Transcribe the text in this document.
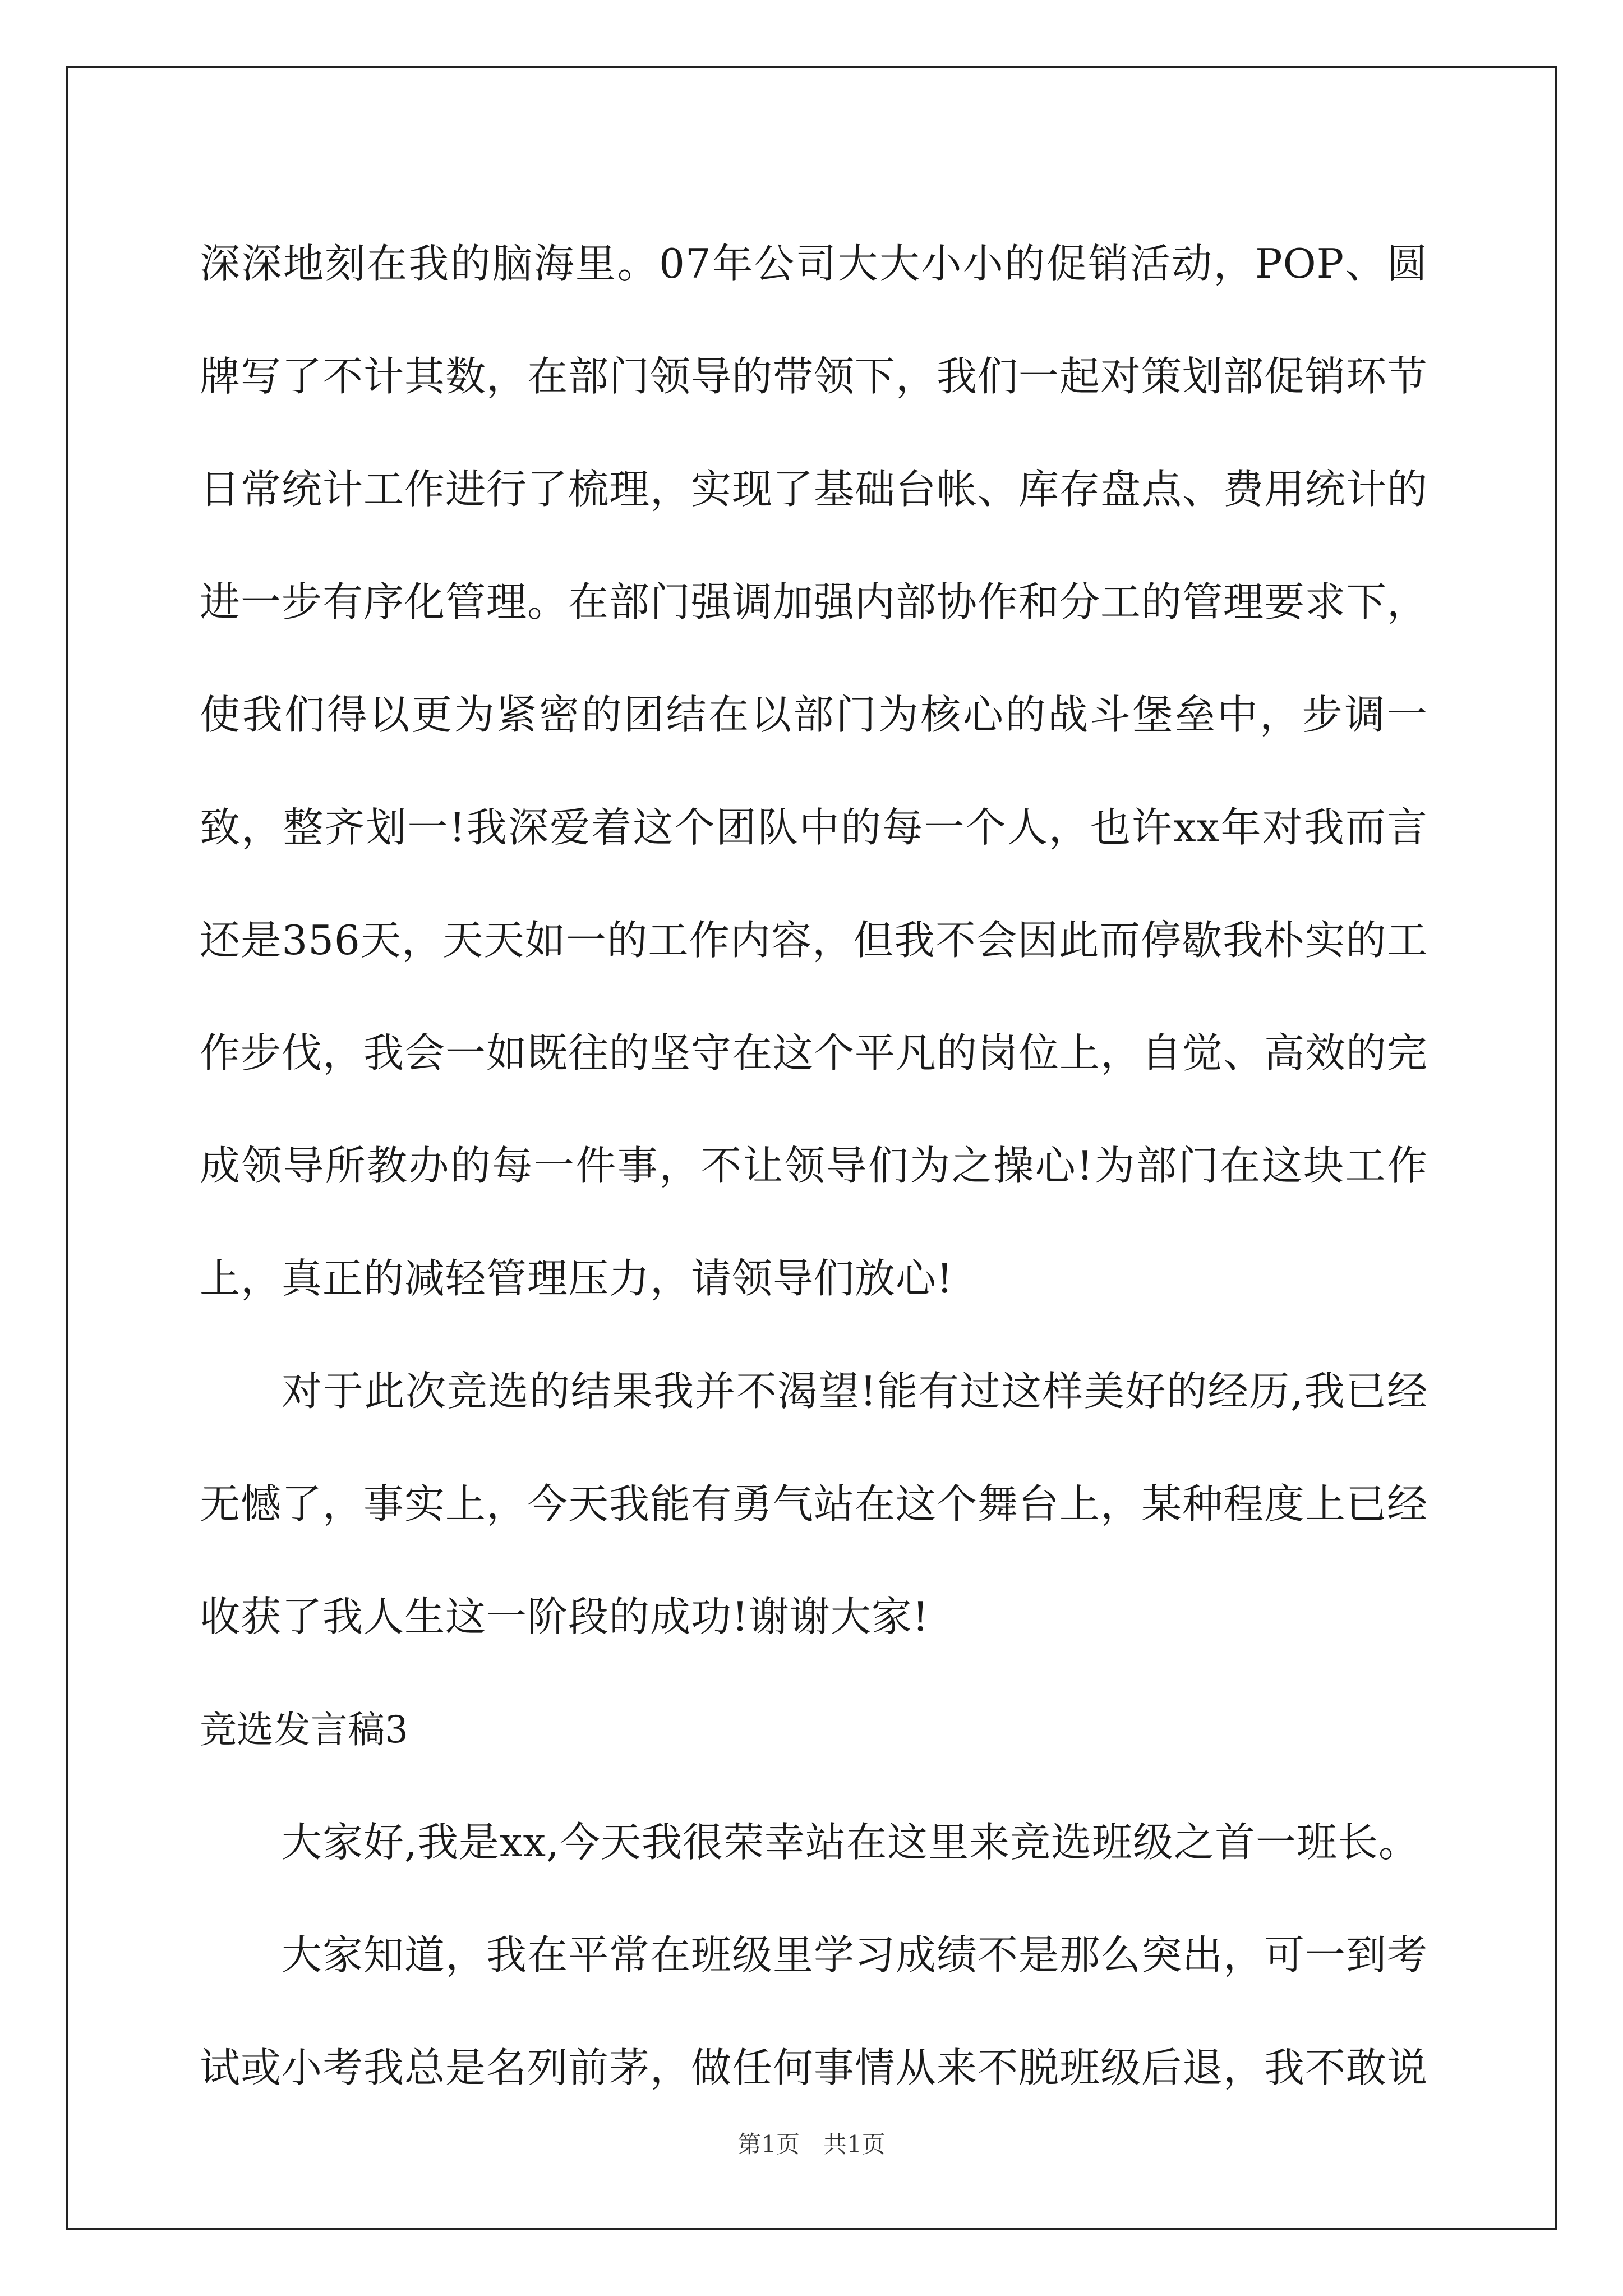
深深地刻在我的脑海里。07年公司大大小小的促销活动，POP、圆牌写了不计其数，在部门领导的带领下，我们一起对策划部促销环节日常统计工作进行了梳理，实现了基础台帐、库存盘点、费用统计的进一步有序化管理。在部门强调加强内部协作和分工的管理要求下，使我们得以更为紧密的团结在以部门为核心的战斗堡垒中，步调一致，整齐划一!我深爱着这个团队中的每一个人，也许xx年对我而言还是356天，天天如一的工作内容，但我不会因此而停歇我朴实的工作步伐，我会一如既往的坚守在这个平凡的岗位上，自觉、高效的完成领导所教办的每一件事，不让领导们为之操心!为部门在这块工作上，真正的减轻管理压力，请领导们放心!

对于此次竞选的结果我并不渴望!能有过这样美好的经历,我已经无憾了，事实上，今天我能有勇气站在这个舞台上，某种程度上已经收获了我人生这一阶段的成功!谢谢大家!

竞选发言稿3

大家好,我是xx,今天我很荣幸站在这里来竞选班级之首一班长。

大家知道，我在平常在班级里学习成绩不是那么突出，可一到考试或小考我总是名列前茅，做任何事情从来不脱班级后退，我不敢说

第1页　共1页
